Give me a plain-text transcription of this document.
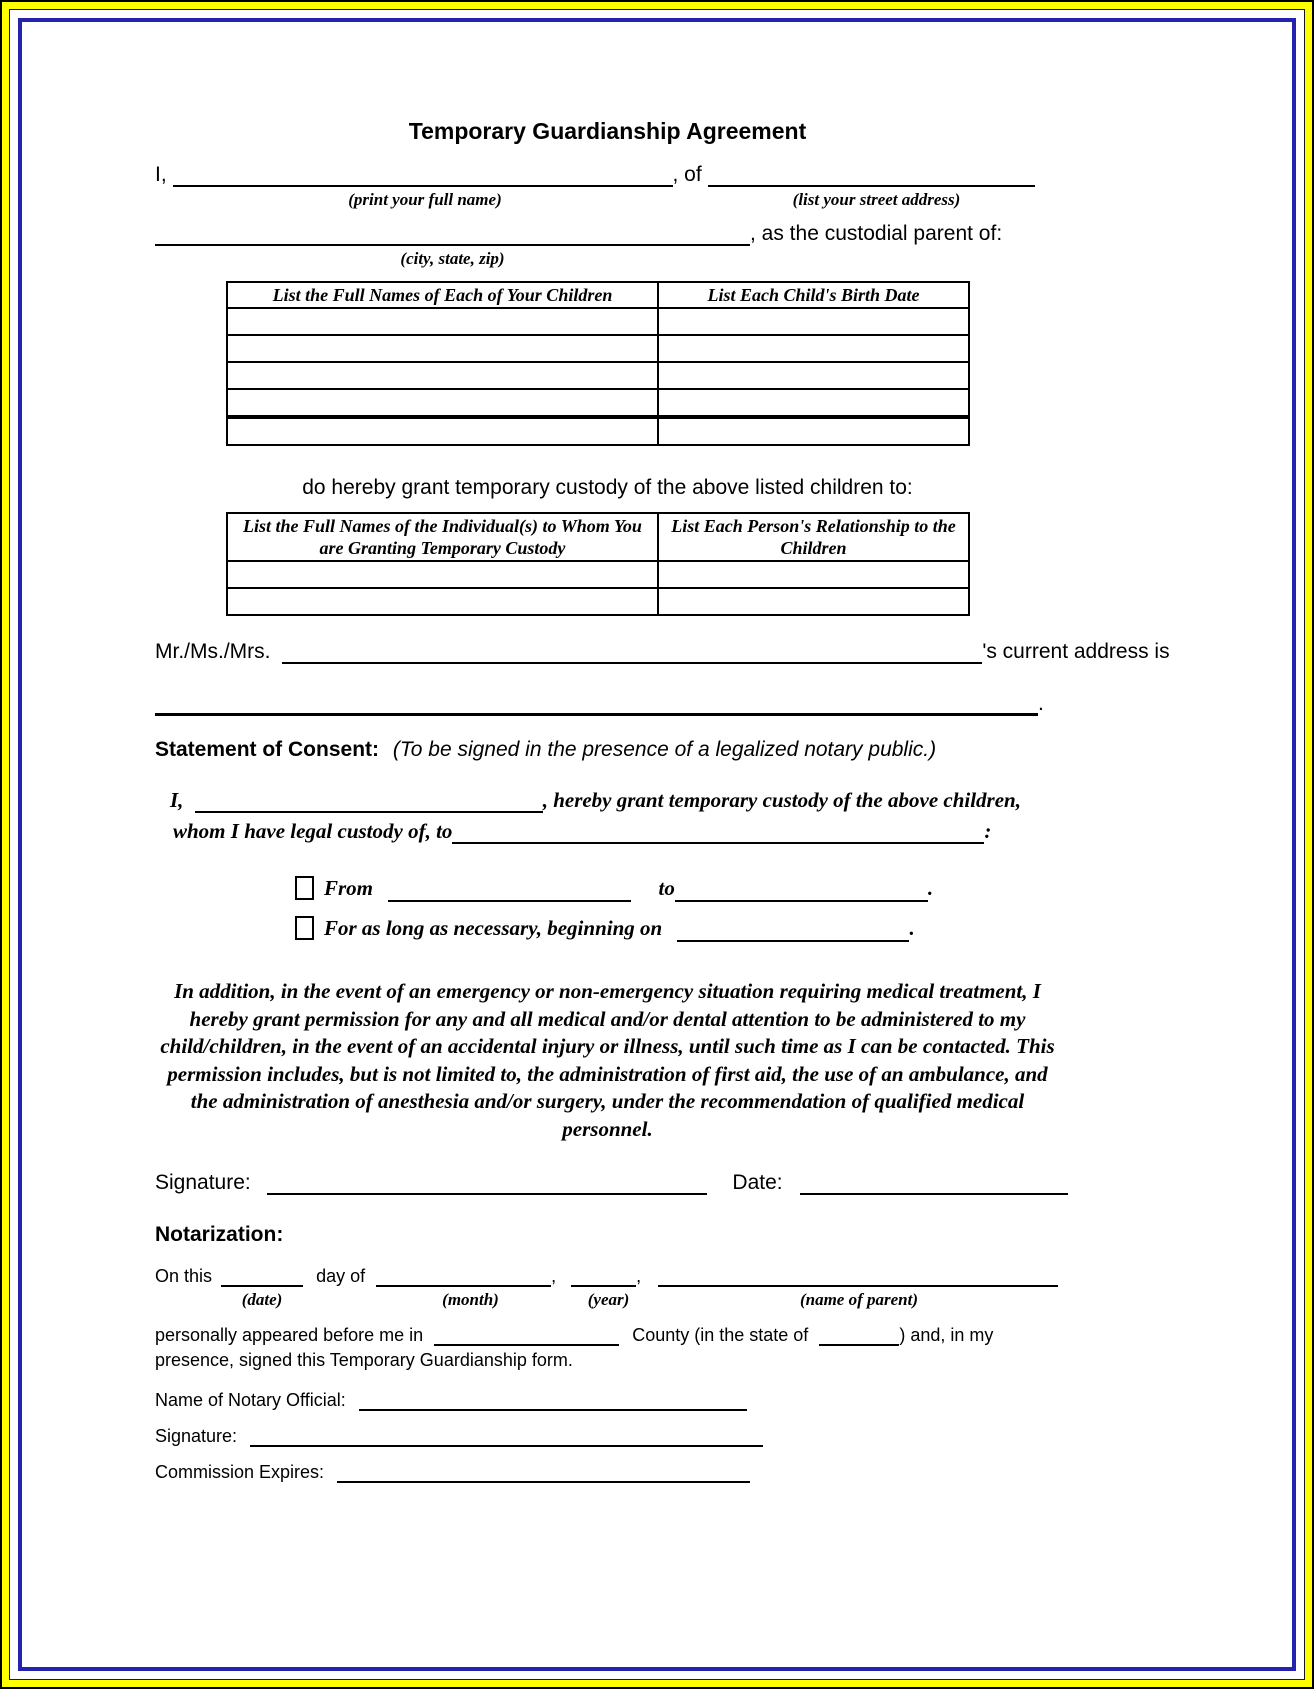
Temporary Guardianship Agreement
I,	, of
(print your full name)	(list your street address)
, as the custodial parent of:
(city, state, zip)
List the Full Names of Each of Your Children	List Each Child's Birth Date

do hereby grant temporary custody of the above listed children to:
List the Full Names of the Individual(s) to Whom You are Granting Temporary Custody	List Each Person's Relationship to the Children

Mr./Ms./Mrs.	's current address is
.
Statement of Consent: (To be signed in the presence of a legalized notary public.)
I,	, hereby grant temporary custody of the above children,
whom I have legal custody of, to	:
From	to	.
For as long as necessary, beginning on	.
In addition, in the event of an emergency or non-emergency situation requiring medical treatment, I hereby grant permission for any and all medical and/or dental attention to be administered to my child/children, in the event of an accidental injury or illness, until such time as I can be contacted. This permission includes, but is not limited to, the administration of first aid, the use of an ambulance, and the administration of anesthesia and/or surgery, under the recommendation of qualified medical personnel.
Signature:	Date:
Notarization:
On this	day of	,	,
(date)	(month)	(year)	(name of parent)
personally appeared before me in	County (in the state of	) and, in my
presence, signed this Temporary Guardianship form.
Name of Notary Official:
Signature:
Commission Expires:
